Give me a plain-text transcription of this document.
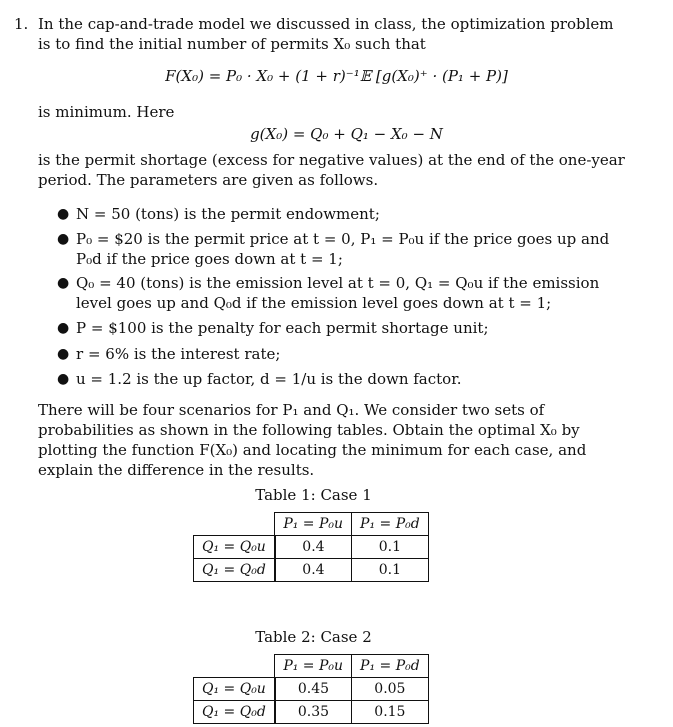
1. In the cap-and-trade model we discussed in class, the optimization problem is to find the initial number of permits X₀ such that
F(X₀) = P₀ · X₀ + (1 + r)⁻¹𝔼 [g(X₀)⁺ · (P₁ + P)]
is minimum. Here
g(X₀) = Q₀ + Q₁ − X₀ − N
is the permit shortage (excess for negative values) at the end of the one-year period. The parameters are given as follows.
● N = 50 (tons) is the permit endowment;
● P₀ = $20 is the permit price at t = 0, P₁ = P₀u if the price goes up and P₀d if the price goes down at t = 1;
● Q₀ = 40 (tons) is the emission level at t = 0, Q₁ = Q₀u if the emission level goes up and Q₀d if the emission level goes down at t = 1;
● P = $100 is the penalty for each permit shortage unit;
● r = 6% is the interest rate;
● u = 1.2 is the up factor, d = 1/u is the down factor.
There will be four scenarios for P₁ and Q₁. We consider two sets of probabilities as shown in the following tables. Obtain the optimal X₀ by plotting the function F(X₀) and locating the minimum for each case, and explain the difference in the results.
Table 1: Case 1
	P₁ = P₀u	P₁ = P₀d
Q₁ = Q₀u	0.4	0.1
Q₁ = Q₀d	0.4	0.1
Table 2: Case 2
	P₁ = P₀u	P₁ = P₀d
Q₁ = Q₀u	0.45	0.05
Q₁ = Q₀d	0.35	0.15
